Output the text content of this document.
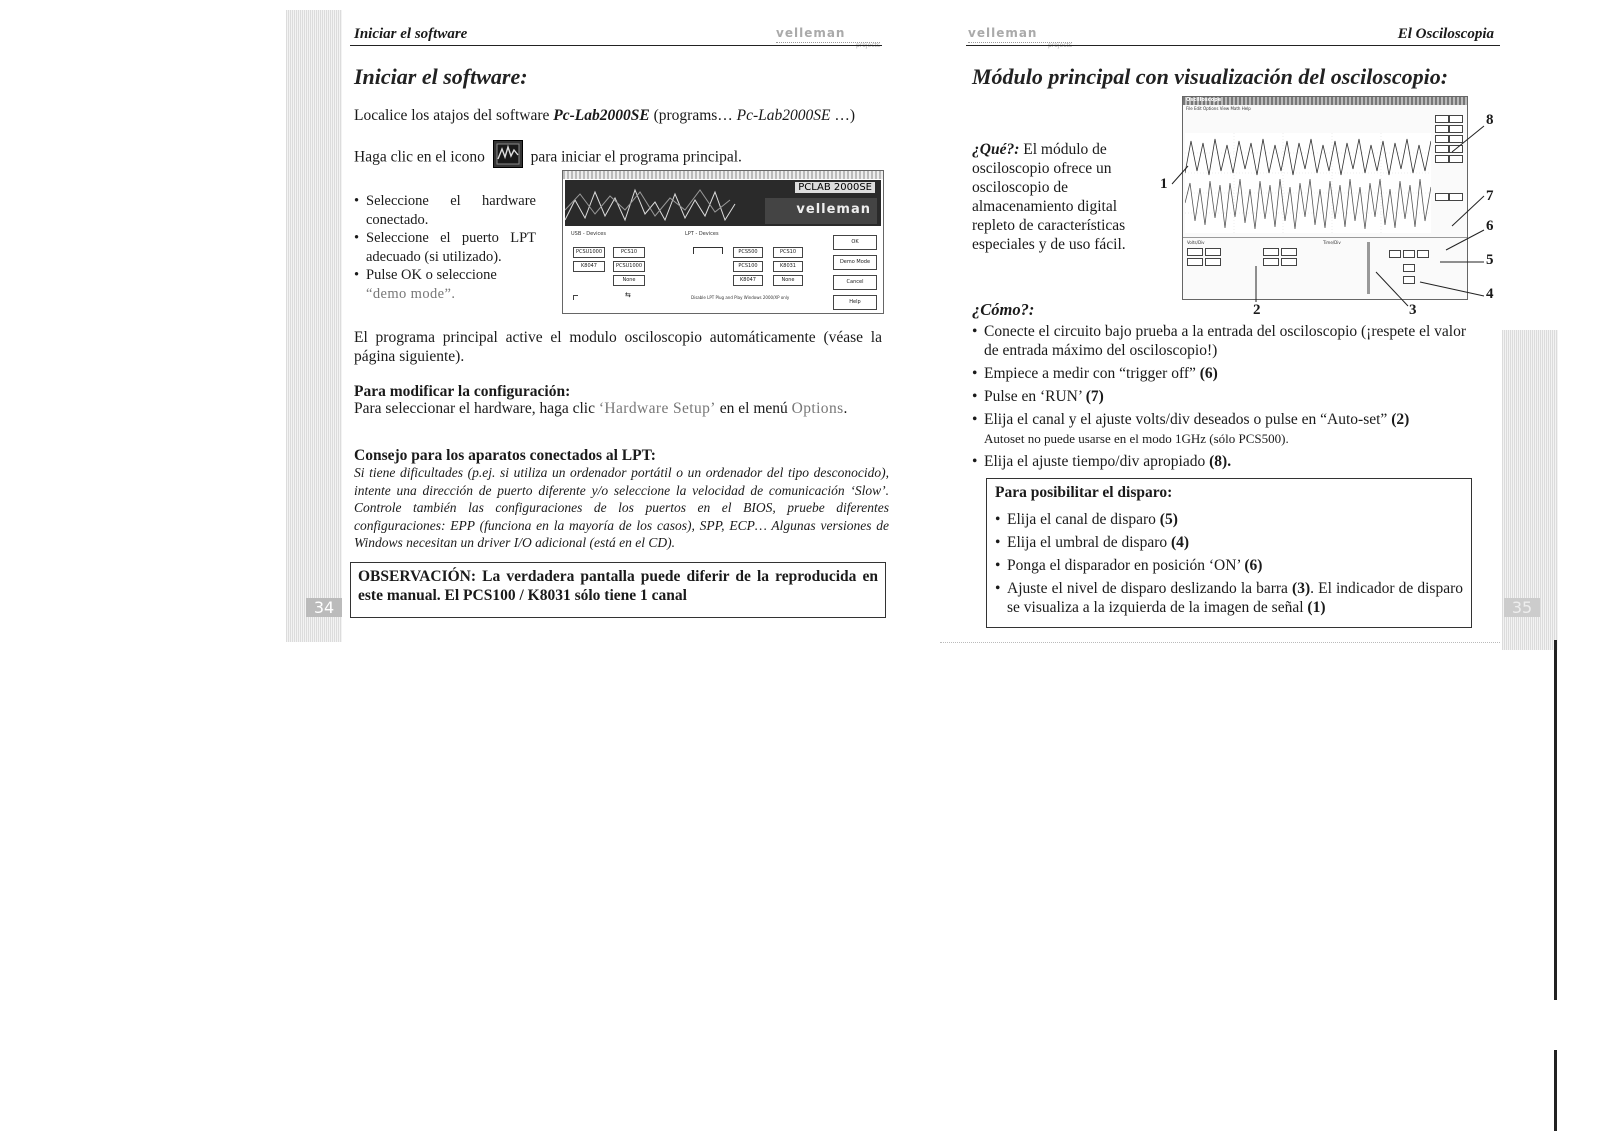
34
Iniciar el software	velleman
projects
Iniciar el software:
Localice los atajos del software Pc-Lab2000SE (programs… Pc-Lab2000SE …)
Haga clic en el icono	para iniciar el programa principal.
• Seleccione el hardware conectado.
• Seleccione el puerto LPT adecuado (si utilizado).
• Pulse OK o seleccione
“demo mode”.
PCLAB 2000SE
velleman
USB - Devices	LPT - Devices
PCSU1000	PCS10
K8047	PCSU1000
None
⇆
PCS500	PCS10
PCS100	K8031
K8047	None
OK
Demo Mode
Cancel
Help
Disable LPT Plug and Play Windows 2000/XP only
El programa principal active el modulo osciloscopio automáticamente (véase la página siguiente).
Para modificar la configuración:
Para seleccionar el hardware, haga clic ‘Hardware Setup’ en el menú Options.
Consejo para los aparatos conectados al LPT:
Si tiene dificultades (p.ej. si utiliza un ordenador portátil o un ordenador del tipo desconocido), intente una dirección de puerto diferente y/o seleccione la velocidad de comunicación ‘Slow’. Controle también las configuraciones de los puertos en el BIOS, pruebe diferentes configuraciones: EPP (funciona en la mayoría de los casos), SPP, ECP… Algunas versiones de Windows necesitan un driver I/O adicional (está en el CD).
OBSERVACIÓN: La verdadera pantalla puede diferir de la reproducida en este manual. El PCS100 / K8031 sólo tiene 1 canal
velleman
projects
El Osciloscopia
Módulo principal con visualización del osciloscopio:
¿Qué?: El módulo de osciloscopio ofrece un osciloscopio de almacenamiento digital repleto de características especiales y de uso fácil.
Oscilloscope
File Edit Options View Math Help
Volts/Div	Time/Div
1
2	3
4
5
6
7
8
¿Cómo?:
• Conecte el circuito bajo prueba a la entrada del osciloscopio (¡respete el valor de entrada máximo del osciloscopio!)
• Empiece a medir con “trigger off” (6)
• Pulse en ‘RUN’ (7)
• Elija el canal y el ajuste volts/div deseados o pulse en “Auto-set” (2)
Autoset no puede usarse en el modo 1GHz (sólo PCS500).
• Elija el ajuste tiempo/div apropiado (8).
Para posibilitar el disparo:
• Elija el canal de disparo (5)
• Elija el umbral de disparo (4)
• Ponga el disparador en posición ‘ON’ (6)
• Ajuste el nivel de disparo deslizando la barra (3). El indicador de disparo se visualiza a la izquierda de la imagen de señal (1)	35
